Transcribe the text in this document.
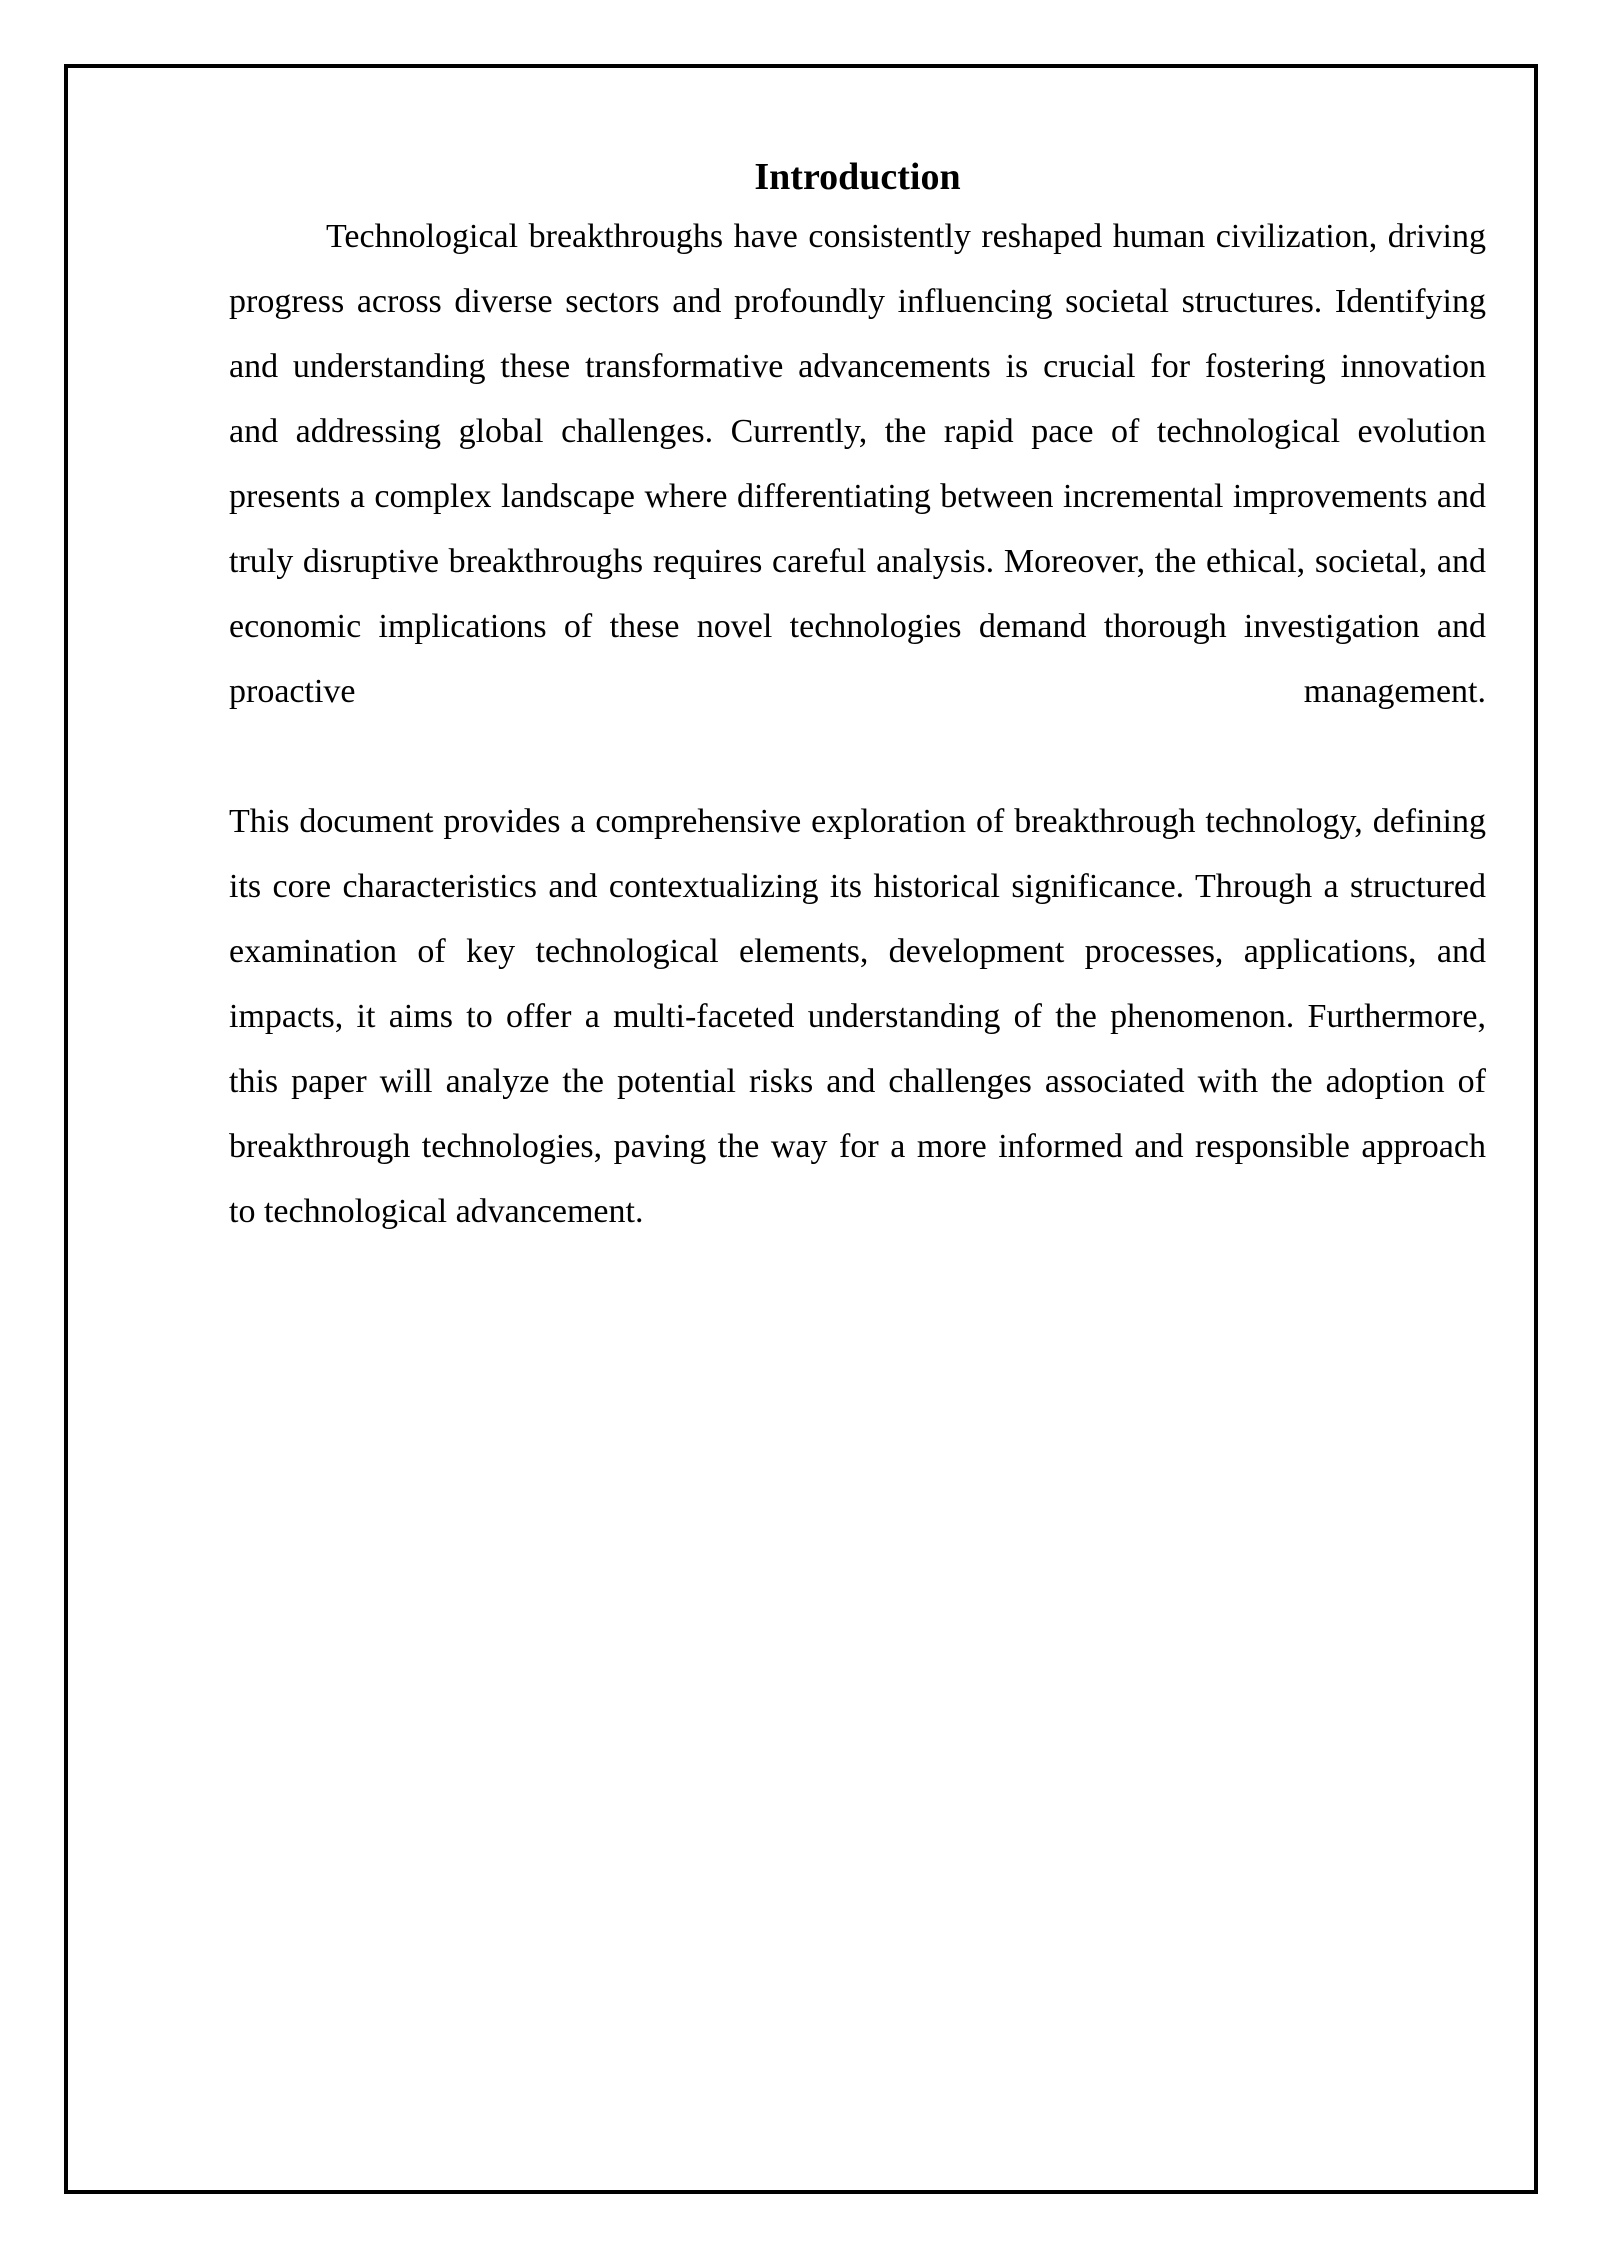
Introduction

Technological breakthroughs have consistently reshaped human civilization, driving progress across diverse sectors and profoundly influencing societal structures. Identifying and understanding these transformative advancements is crucial for fostering innovation and addressing global challenges. Currently, the rapid pace of technological evolution presents a complex landscape where differentiating between incremental improvements and truly disruptive breakthroughs requires careful analysis. Moreover, the ethical, societal, and economic implications of these novel technologies demand thorough investigation and proactive management.

This document provides a comprehensive exploration of breakthrough technology, defining its core characteristics and contextualizing its historical significance. Through a structured examination of key technological elements, development processes, applications, and impacts, it aims to offer a multi-faceted understanding of the phenomenon. Furthermore, this paper will analyze the potential risks and challenges associated with the adoption of breakthrough technologies, paving the way for a more informed and responsible approach to technological advancement.
